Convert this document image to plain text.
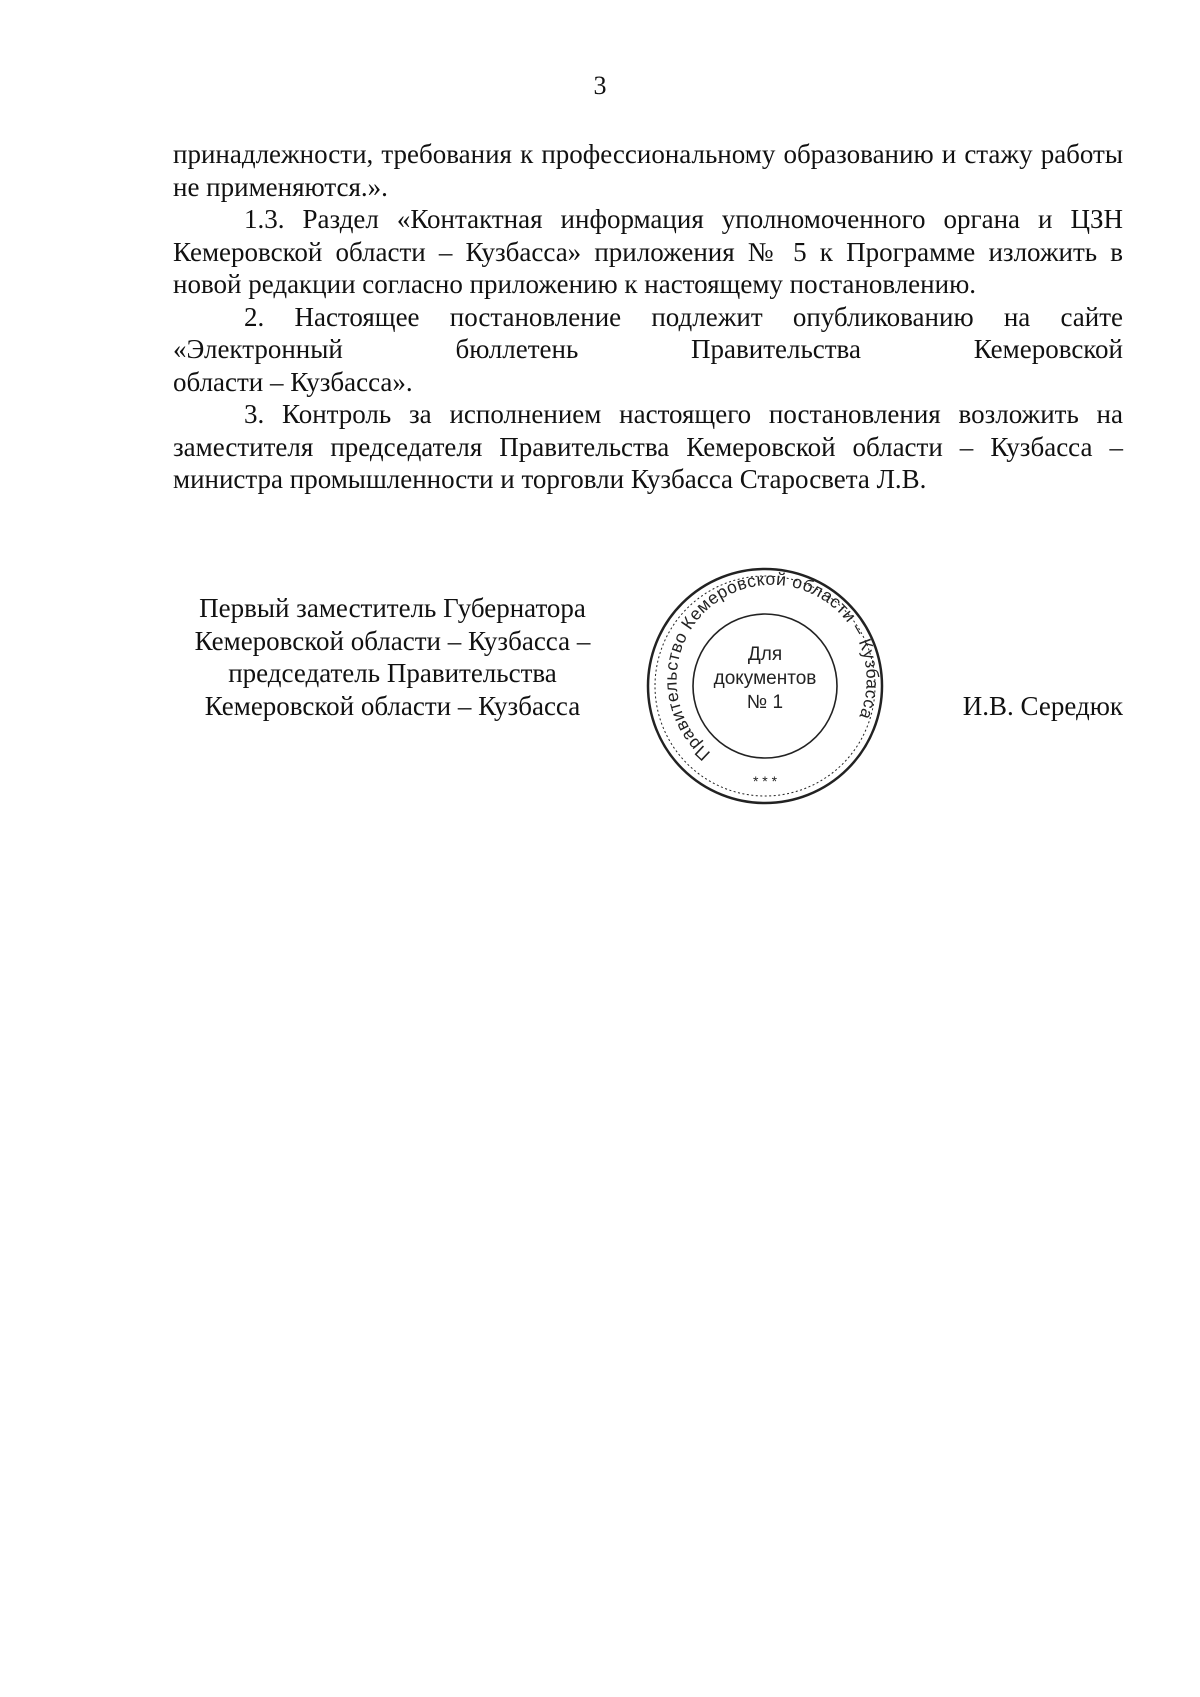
3

принадлежности, требования к профессиональному образованию и стажу работы не применяются.».

1.3. Раздел «Контактная информация уполномоченного органа и ЦЗН Кемеровской области – Кузбасса» приложения № 5 к Программе изложить в новой редакции согласно приложению к настоящему постановлению.

2. Настоящее постановление подлежит опубликованию на сайте «Электронный бюллетень Правительства Кемеровской

области – Кузбасса».

3. Контроль за исполнением настоящего постановления возложить на заместителя председателя Правительства Кемеровской области – Кузбасса – министра промышленности и торговли Кузбасса Старосвета Л.В.

Первый заместитель Губернатора
Кемеровской области – Кузбасса –
председатель Правительства
Кемеровской области – Кузбасса
Правительство Кемеровской области – Кузбасса
Для
документов
№ 1
* * *
И.В. Середюк
